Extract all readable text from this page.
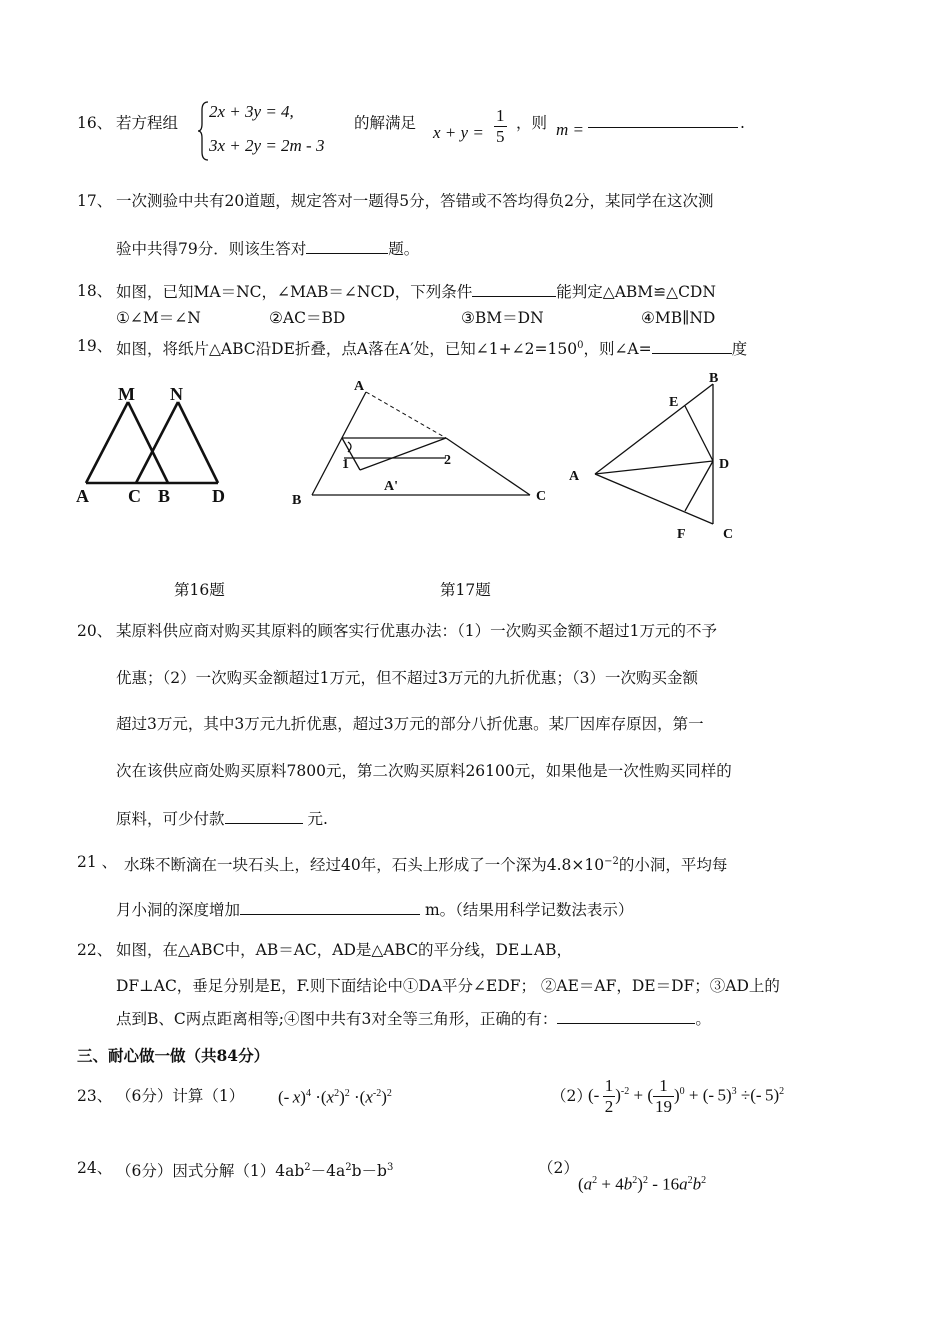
16、 若方程组
2x + 3y = 4,
3x + 2y = 2m - 3
的解满足 $x + y = \frac{1}{5}$ ，则 m =	.
17、 一次测验中共有20道题，规定答对一题得5分，答错或不答均得负2分，某同学在这次测
验中共得79分．则该生答对	题。
18、 如图，已知MA＝NC，∠MAB＝∠NCD，下列条件	能判定△ABM≌△CDN
①∠M＝∠N	②AC＝BD	③BM＝DN	④MB∥ND
19、 如图，将纸片△ABC沿DE折叠，点A落在A′处，已知$\angle 1+\angle 2=150^0$，则∠A=	度
M N
A C B D
A
1	2
A'
B	C
B
E
A
D
F	C
第16题	第17题
20、 某原料供应商对购买其原料的顾客实行优惠办法：（1）一次购买金额不超过1万元的不予
优惠；（2）一次购买金额超过1万元，但不超过3万元的九折优惠；（3）一次购买金额
超过3万元，其中3万元九折优惠，超过3万元的部分八折优惠。某厂因库存原因，第一
次在该供应商处购买原料7800元，第二次购买原料26100元，如果他是一次性购买同样的
原料，可少付款	元.
21 、 水珠不断滴在一块石头上，经过40年，石头上形成了一个深为$4.8\times 10^{-2}$的小洞，平均每
月小洞的深度增加	m。（结果用科学记数法表示）
22、 如图，在△ABC中，AB＝AC，AD是△ABC的平分线，DE⊥AB，
DF⊥AC，垂足分别是E，F.则下面结论中①DA平分∠EDF； ②AE＝AF，DE＝DF；③AD上的
点到B、C两点距离相等;④图中共有3对全等三角形，正确的有：	。
三、耐心做一做（共84分）
23、 （6分）计算（1） (- $x)^4 \cdot(x^2)^2 \cdot(x^{-2})^2$	（2）
(-  $\frac{1}{2} )^{-2}$ + ( $\frac{1}{19} )^0$ + (- 5)$^3$ ÷(- 5)$^2$
24、 （6分）因式分解$(1)4ab^2-4a^2b-b^3$	（2）
$(a^2 + 4b^2)^2 - 16a^2b^2$
